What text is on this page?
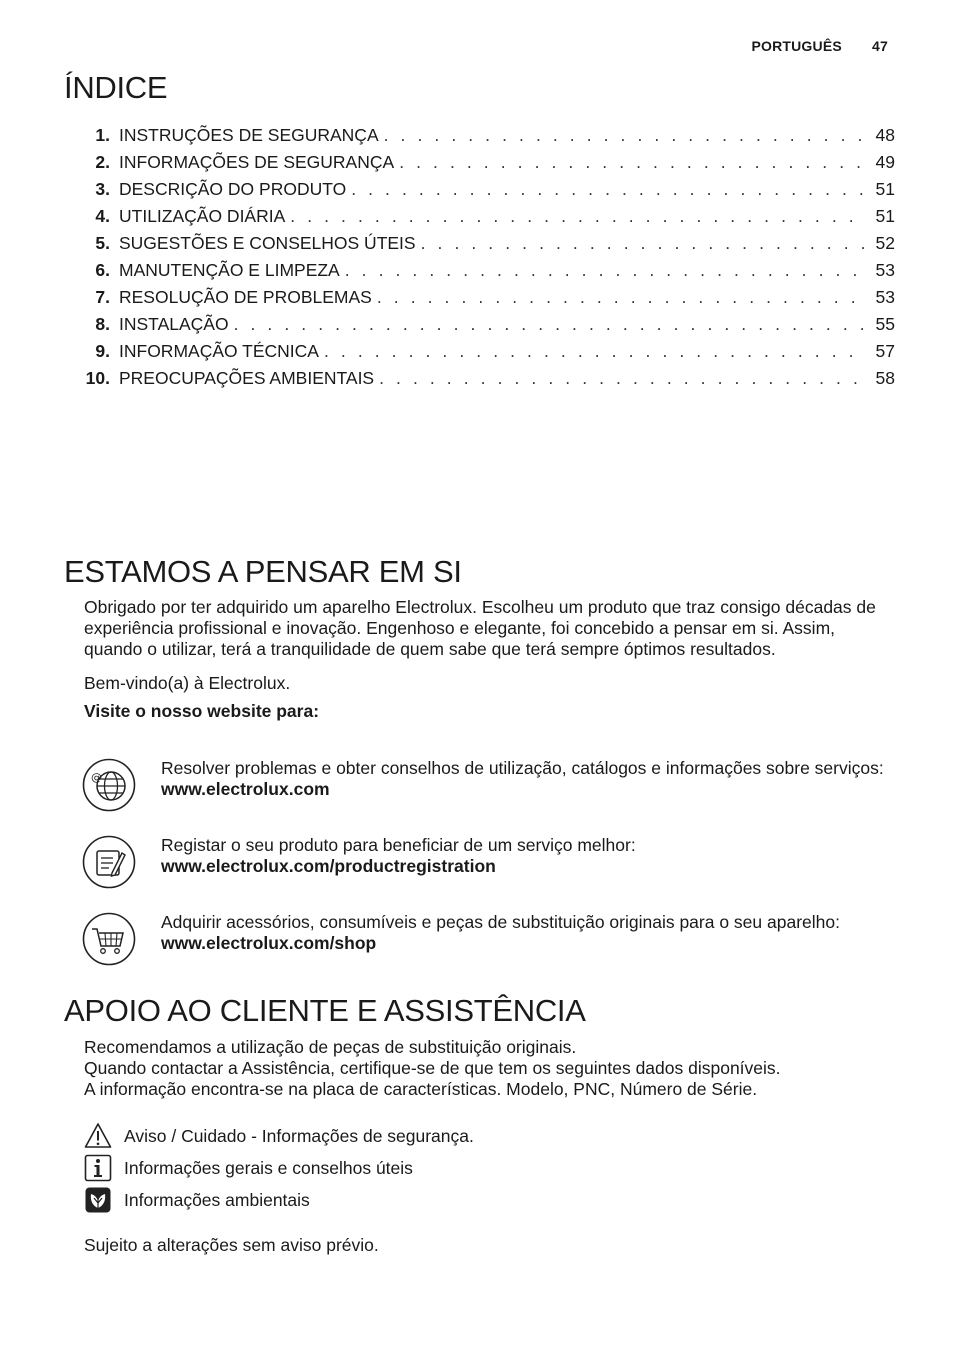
PORTUGUÊS 47
ÍNDICE
1. INSTRUÇÕES DE SEGURANÇA . . .	48
2. INFORMAÇÕES DE SEGURANÇA . . .	49
3. DESCRIÇÃO DO PRODUTO . . .	51
4. UTILIZAÇÃO DIÁRIA . . .	51
5. SUGESTÕES E CONSELHOS ÚTEIS . . .	52
6. MANUTENÇÃO E LIMPEZA . . .	53
7. RESOLUÇÃO DE PROBLEMAS . . .	53
8. INSTALAÇÃO . . .	55
9. INFORMAÇÃO TÉCNICA . . .	57
10. PREOCUPAÇÕES AMBIENTAIS . . .	58
ESTAMOS A PENSAR EM SI

Obrigado por ter adquirido um aparelho Electrolux. Escolheu um produto que traz consigo décadas de experiência profissional e inovação. Engenhoso e elegante, foi concebido a pensar em si. Assim, quando o utilizar, terá a tranquilidade de quem sabe que terá sempre óptimos resultados.

Bem-vindo(a) à Electrolux.

Visite o nosso website para:

@	Resolver problemas e obter conselhos de utilização, catálogos e informações sobre serviços:
www.electrolux.com
Registar o seu produto para beneficiar de um serviço melhor:
www.electrolux.com/productregistration
Adquirir acessórios, consumíveis e peças de substituição originais para o seu aparelho:
www.electrolux.com/shop
APOIO AO CLIENTE E ASSISTÊNCIA
Recomendamos a utilização de peças de substituição originais.
Quando contactar a Assistência, certifique-se de que tem os seguintes dados disponíveis.
A informação encontra-se na placa de características. Modelo, PNC, Número de Série.
Aviso / Cuidado - Informações de segurança.
Informações gerais e conselhos úteis
Informações ambientais
Sujeito a alterações sem aviso prévio.
